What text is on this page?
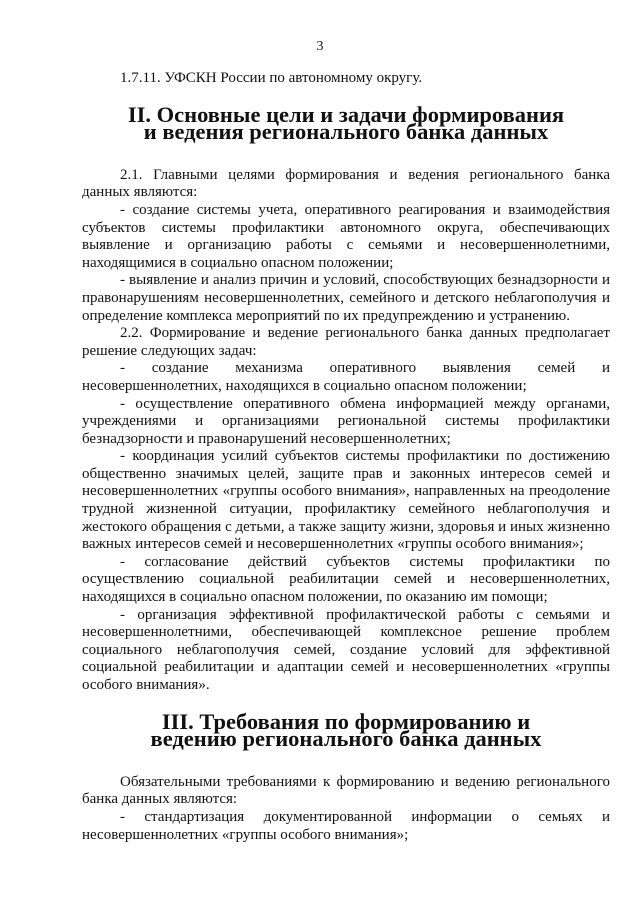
3

1.7.11. УФСКН России по автономному округу.

II. Основные цели и задачи формирования и ведения регионального банка данных

2.1. Главными целями формирования и ведения регионального банка данных являются:

- создание системы учета, оперативного реагирования и взаимодействия субъектов системы профилактики автономного округа, обеспечивающих выявление и организацию работы с семьями и несовершеннолетними, находящимися в социально опасном положении;

- выявление и анализ причин и условий, способствующих безнадзорности и правонарушениям несовершеннолетних, семейного и детского неблагополучия и определение комплекса мероприятий по их предупреждению и устранению.

2.2. Формирование и ведение регионального банка данных предполагает решение следующих задач:

- создание механизма оперативного выявления семей и несовершеннолетних, находящихся в социально опасном положении;

- осуществление оперативного обмена информацией между органами, учреждениями и организациями региональной системы профилактики безнадзорности и правонарушений несовершеннолетних;

- координация усилий субъектов системы профилактики по достижению общественно значимых целей, защите прав и законных интересов семей и несовершеннолетних «группы особого внимания», направленных на преодоление трудной жизненной ситуации, профилактику семейного неблагополучия и жестокого обращения с детьми, а также защиту жизни, здоровья и иных жизненно важных интересов семей и несовершеннолетних «группы особого внимания»;

- согласование действий субъектов системы профилактики по осуществлению социальной реабилитации семей и несовершеннолетних, находящихся в социально опасном положении, по оказанию им помощи;

- организация эффективной профилактической работы с семьями и несовершеннолетними, обеспечивающей комплексное решение проблем социального неблагополучия семей, создание условий для эффективной социальной реабилитации и адаптации семей и несовершеннолетних «группы особого внимания».

III. Требования по формированию и ведению регионального банка данных

Обязательными требованиями к формированию и ведению регионального банка данных являются:

- стандартизация документированной информации о семьях и несовершеннолетних «группы особого внимания»;
